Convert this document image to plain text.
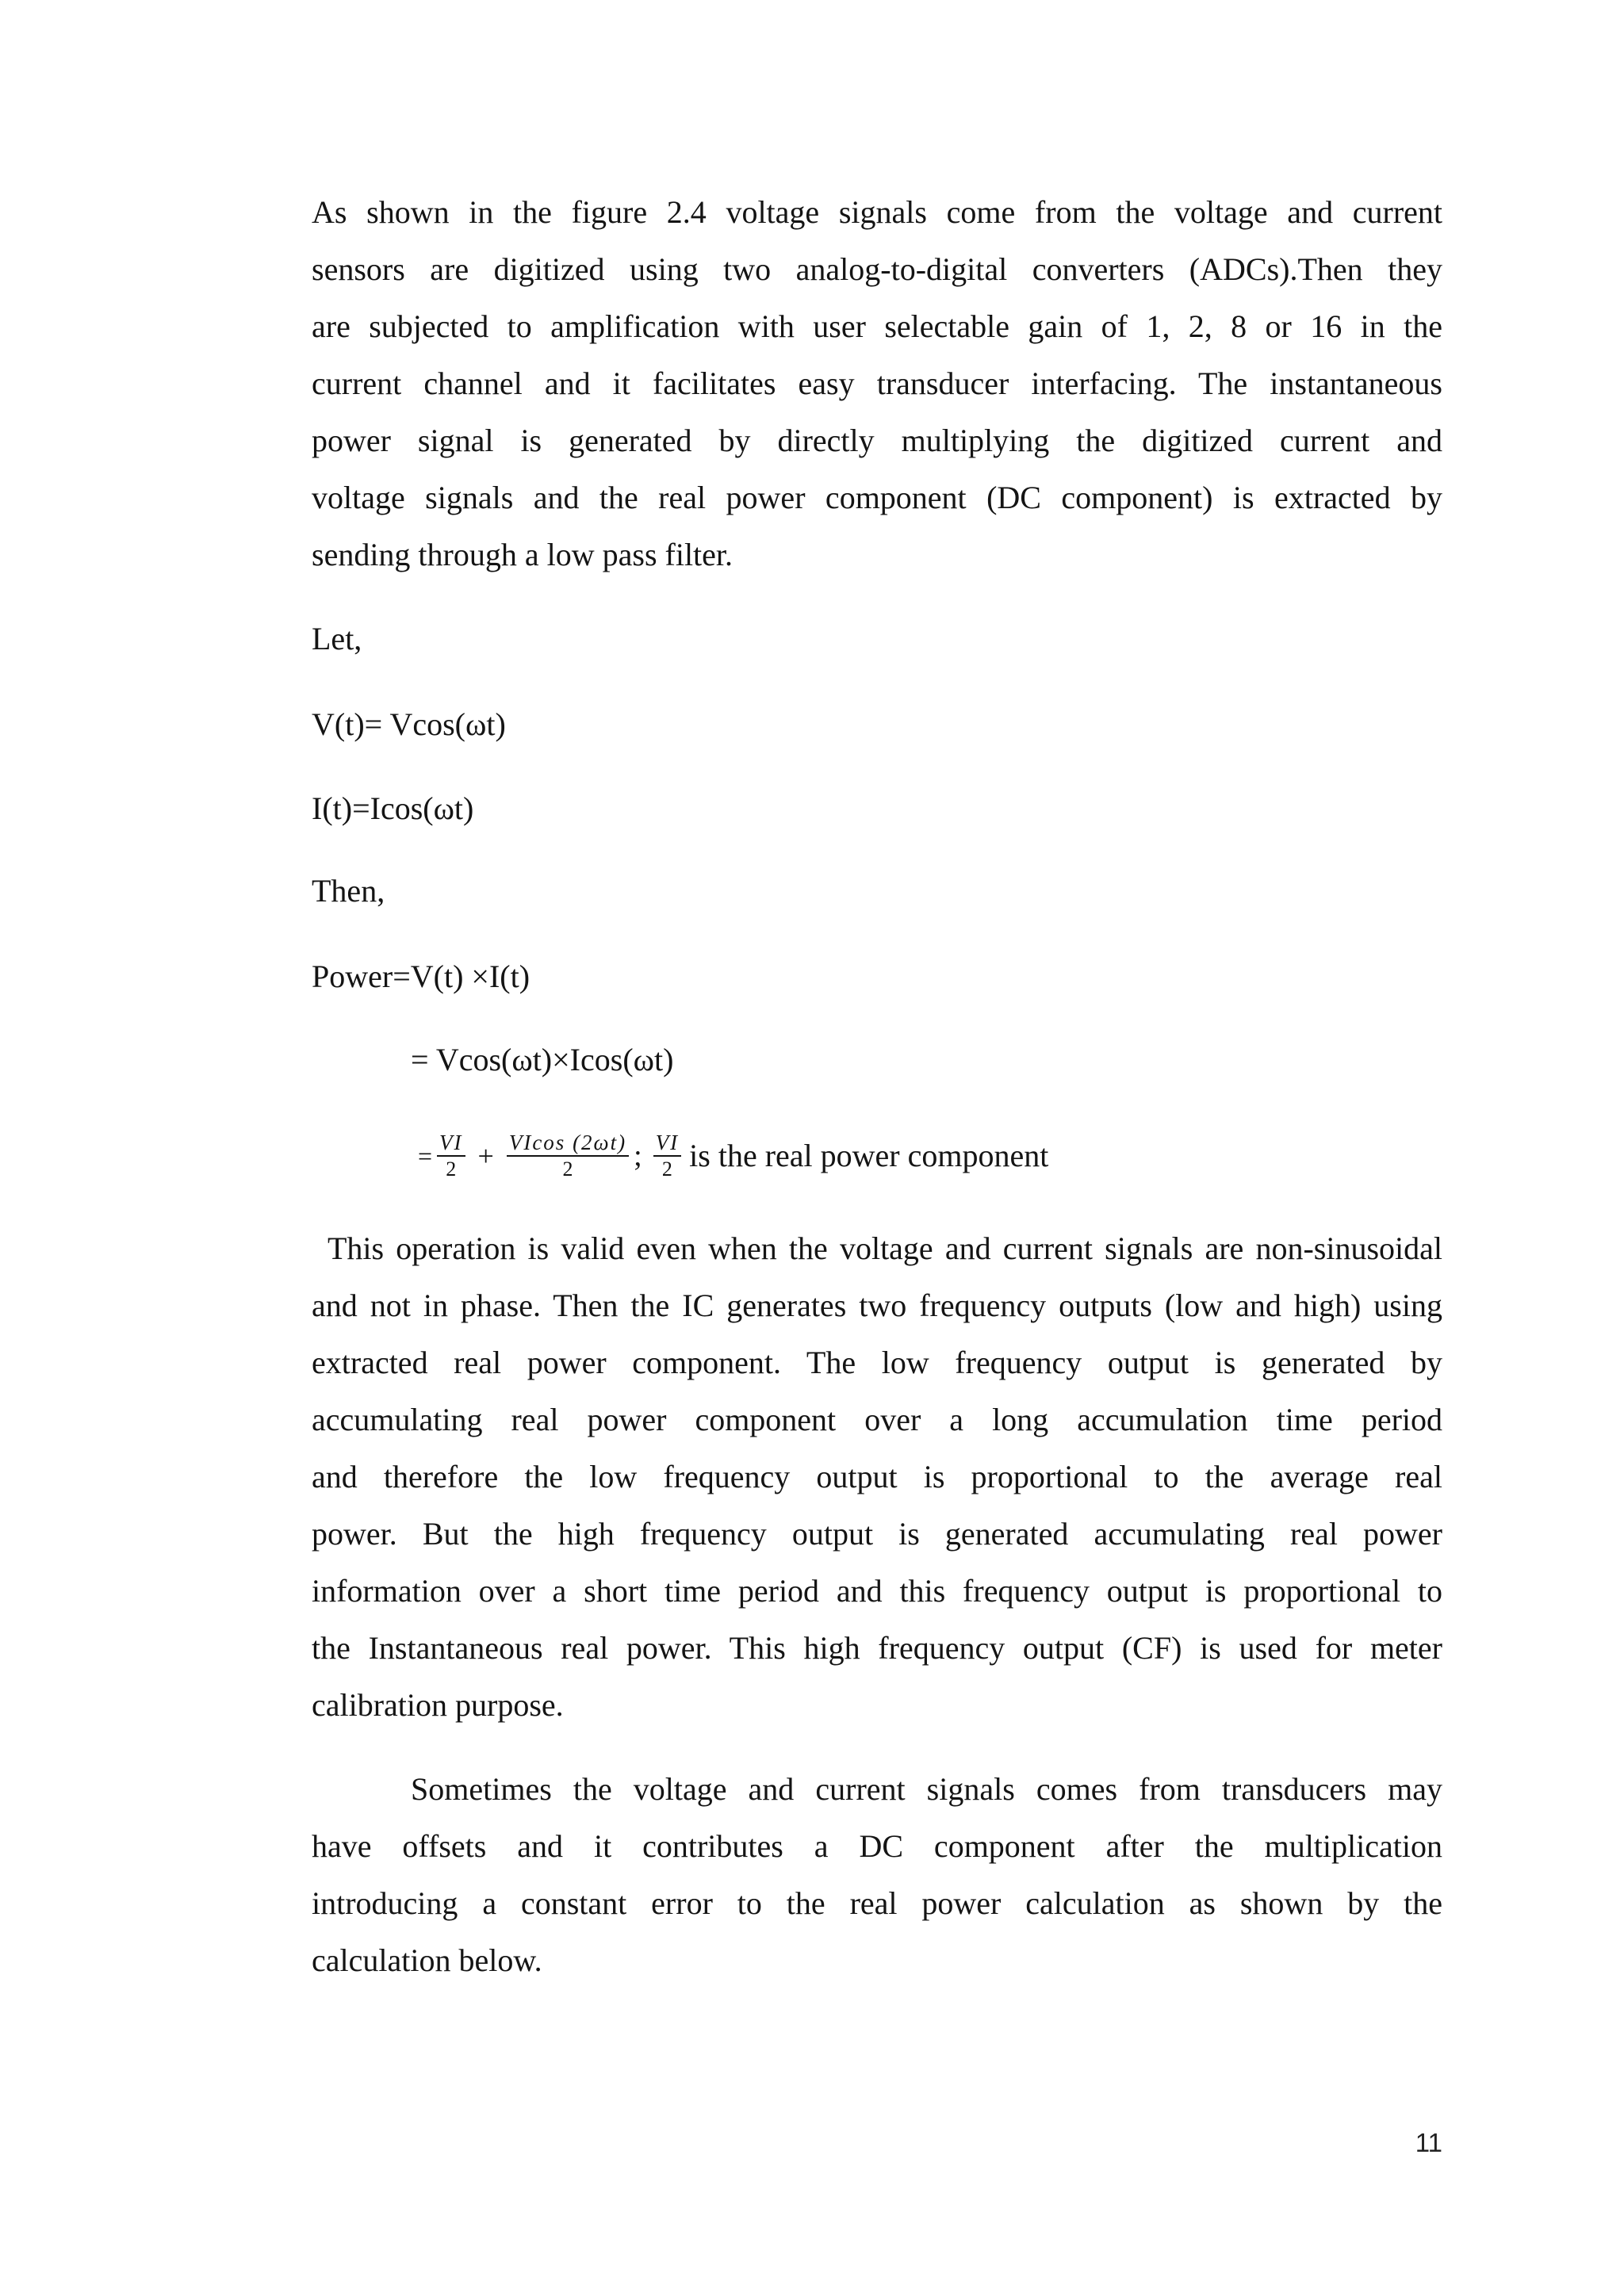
As shown in the figure 2.4 voltage signals come from the voltage and current
sensors are digitized using two analog-to-digital converters (ADCs).Then they
are subjected to amplification with user selectable gain of 1, 2, 8 or 16 in the
current channel and it facilitates easy transducer interfacing. The instantaneous
power signal is generated by directly multiplying the digitized current and
voltage signals and the real power component (DC component) is extracted by
sending through a low pass filter.
Let,
V(t)= Vcos(ωt)
I(t)=Icos(ωt)
Then,
Power=V(t) ×I(t)
= Vcos(ωt)×Icos(ωt)
= $\frac{VI}{2} + \frac{VIcos (2\omega t)}{2}$ ; $\frac{VI}{2}$ is the real power component
This operation is valid even when the voltage and current signals are non-sinusoidal
and not in phase. Then the IC generates two frequency outputs (low and high) using
extracted real power component. The low frequency output is generated by
accumulating real power component over a long accumulation time period
and therefore the low frequency output is proportional to the average real
power. But the high frequency output is generated accumulating real power
information over a short time period and this frequency output is proportional to
the Instantaneous real power. This high frequency output (CF) is used for meter
calibration purpose.
Sometimes the voltage and current signals comes from transducers may
have offsets and it contributes a DC component after the multiplication
introducing a constant error to the real power calculation as shown by the
calculation below.
11
